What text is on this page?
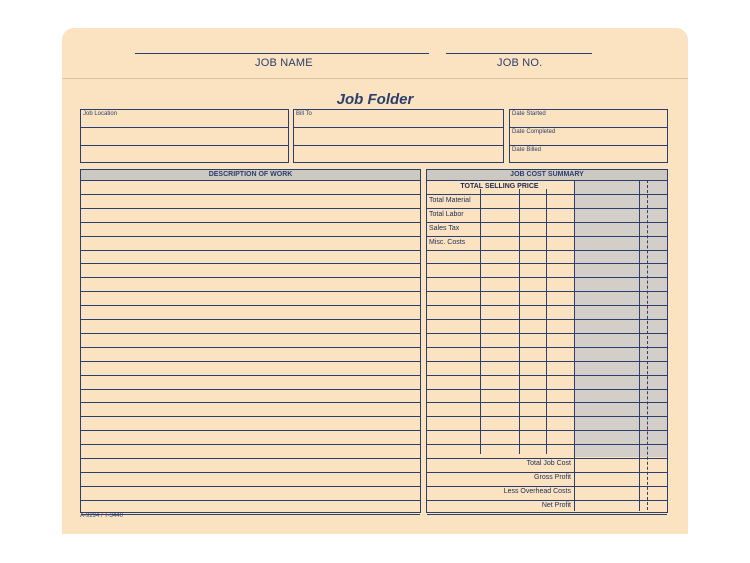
JOB NAME	JOB NO.
Job Folder
Job Location	Bill To	Date Started
Date Completed
Date Billed
DESCRIPTION OF WORK	JOB COST SUMMARY
TOTAL SELLING PRICE
Total Material
Total Labor
Sales Tax
Misc. Costs
Total Job Cost
Gross Profit
Less Overhead Costs
Net Profit
A-9294 / T-3440
